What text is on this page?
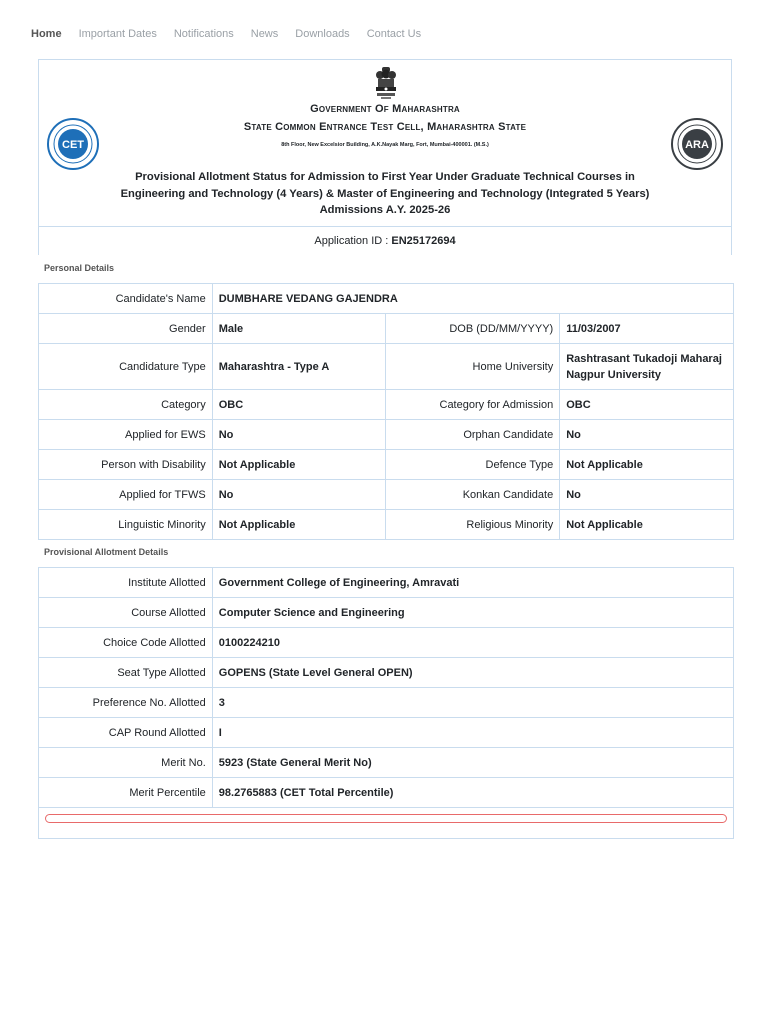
Home Important Dates Notifications News Downloads Contact Us
CET	ARA
Government Of Maharashtra
State Common Entrance Test Cell, Maharashtra State
8th Floor, New Excelsior Building, A.K.Nayak Marg, Fort, Mumbai-400001. (M.S.)
Provisional Allotment Status for Admission to First Year Under Graduate Technical Courses in Engineering and Technology (4 Years) & Master of Engineering and Technology (Integrated 5 Years) Admissions A.Y. 2025-26
Application ID : EN25172694
Personal Details
Candidate's Name	DUMBHARE VEDANG GAJENDRA		
Gender	Male	DOB (DD/MM/YYYY)	11/03/2007
Candidature Type	Maharashtra - Type A	Home University	Rashtrasant Tukadoji Maharaj Nagpur University
Category	OBC	Category for Admission	OBC
Applied for EWS	No	Orphan Candidate	No
Person with Disability	Not Applicable	Defence Type	Not Applicable
Applied for TFWS	No	Konkan Candidate	No
Linguistic Minority	Not Applicable	Religious Minority	Not Applicable
Provisional Allotment Details
Institute Allotted	Government College of Engineering, Amravati
Course Allotted	Computer Science and Engineering
Choice Code Allotted	0100224210
Seat Type Allotted	GOPENS (State Level General OPEN)
Preference No. Allotted	3
CAP Round Allotted	I
Merit No.	5923 (State General Merit No)
Merit Percentile	98.2765883 (CET Total Percentile)
